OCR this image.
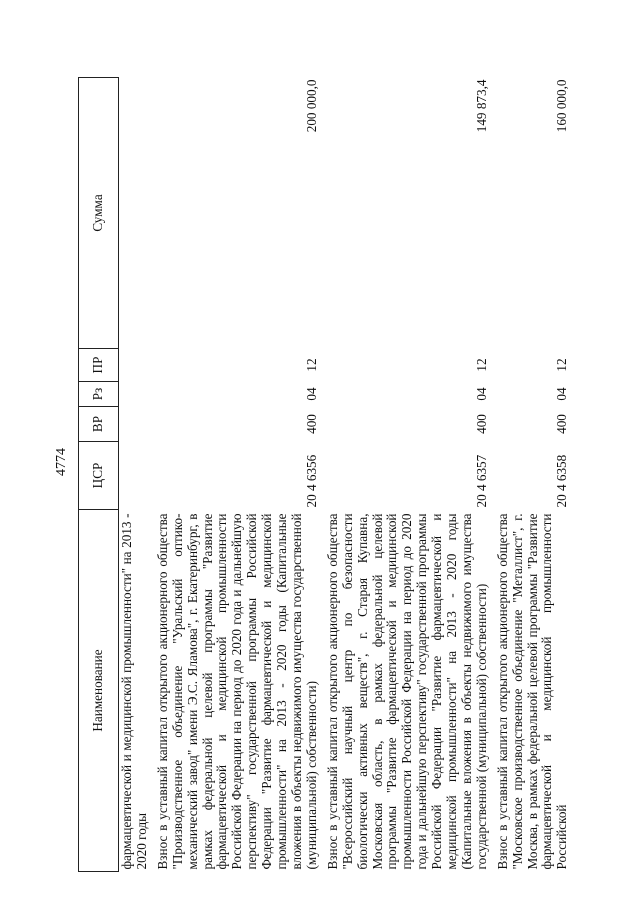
4774
Наименование	ЦСР	ВР	Рз	ПР	Сумма
фармацевтической и медицинской промышленности" на 2013 - 2020 годы					
Взнос в уставный капитал открытого акционерного общества "Производственное объединение "Уральский оптико-механический завод" имени Э.С. Яламова", г. Екатеринбург, в рамках федеральной целевой программы "Развитие фармацевтической и медицинской промышленности Российской Федерации на период до 2020 года и дальнейшую перспективу" государственной программы Российской Федерации "Развитие фармацевтической и медицинской промышленности" на 2013 - 2020 годы (Капитальные вложения в объекты недвижимого имущества государственной (муниципальной) собственности)	20 4 6356	400	04	12	200 000,0
Взнос в уставный капитал открытого акционерного общества "Всероссийский научный центр по безопасности биологически активных веществ", г. Старая Купавна, Московская область, в рамках федеральной целевой программы "Развитие фармацевтической и медицинской промышленности Российской Федерации на период до 2020 года и дальнейшую перспективу" государственной программы Российской Федерации "Развитие фармацевтической и медицинской промышленности" на 2013 - 2020 годы (Капитальные вложения в объекты недвижимого имущества государственной (муниципальной) собственности)	20 4 6357	400	04	12	149 873,4
Взнос в уставный капитал открытого акционерного общества "Московское производственное объединение "Металлист", г. Москва, в рамках федеральной целевой программы "Развитие фармацевтической и медицинской промышленности Российской	20 4 6358	400	04	12	160 000,0
